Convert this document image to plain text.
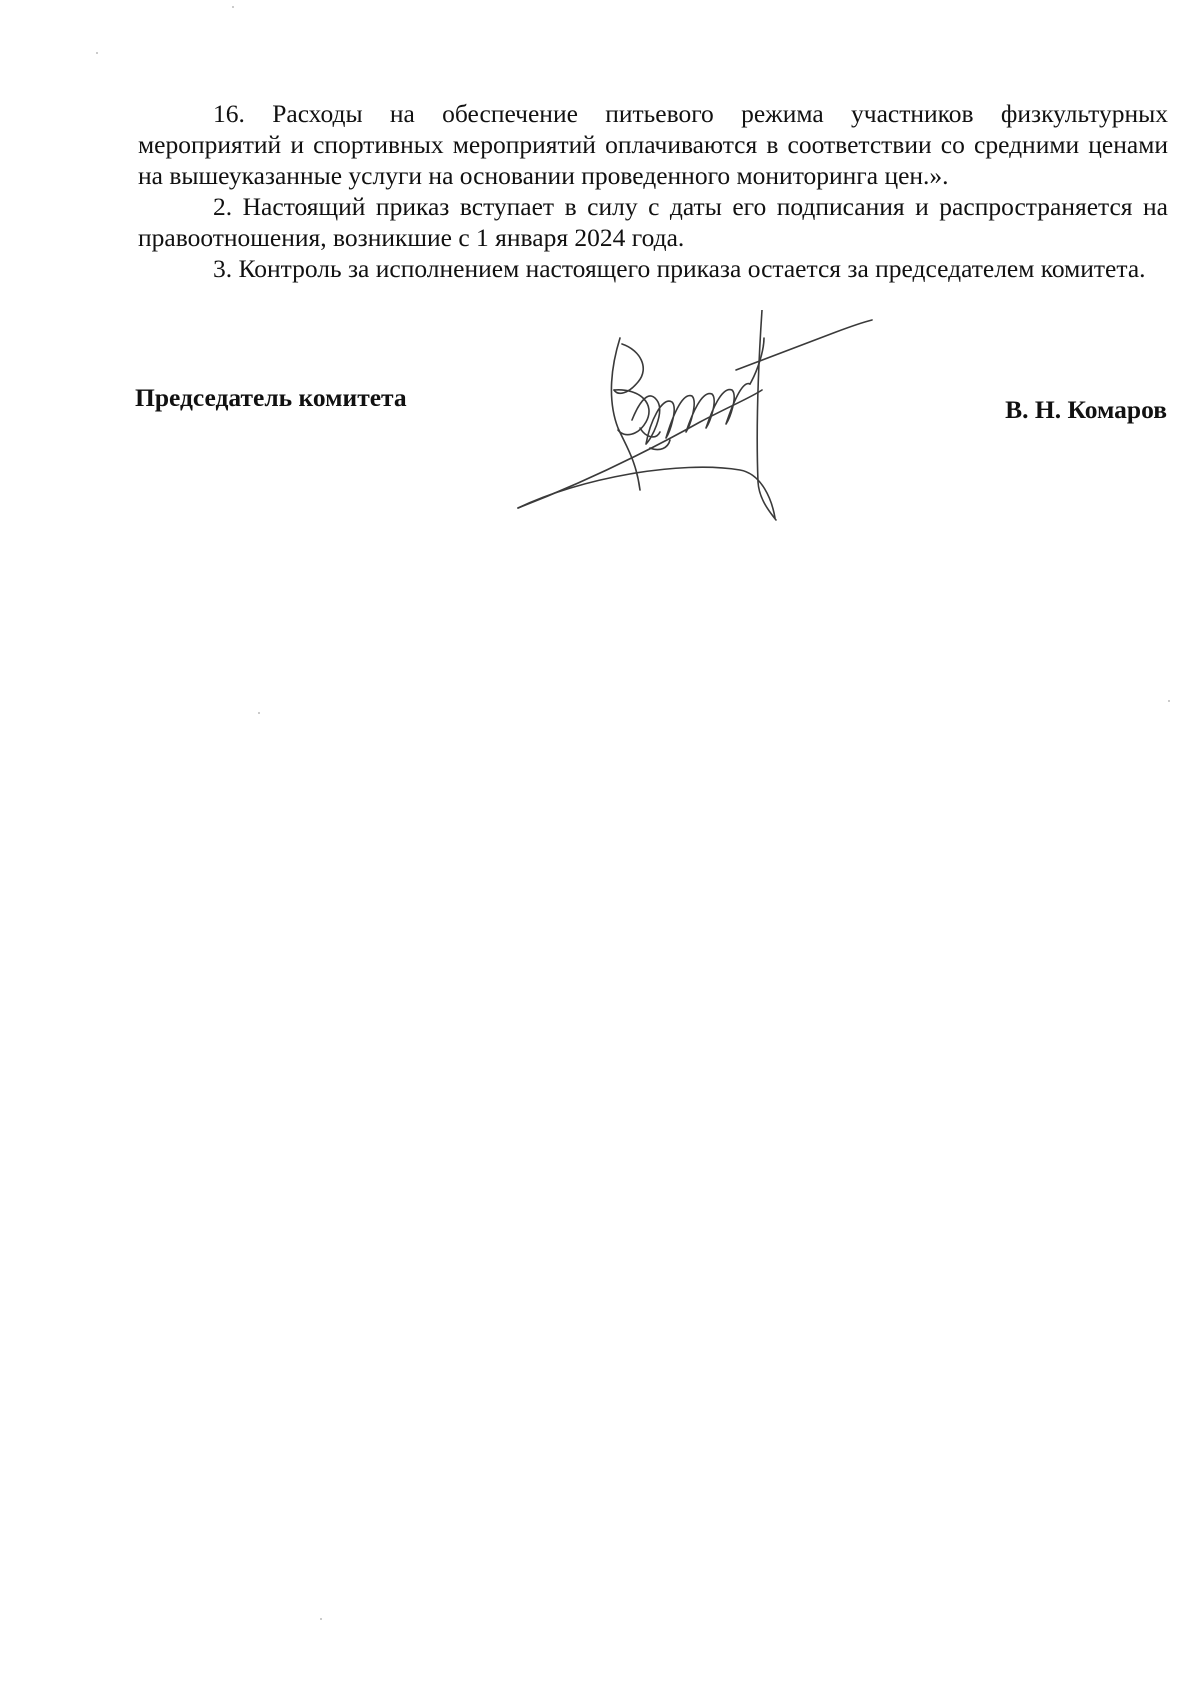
16. Расходы на обеспечение питьевого режима участников физкультурных мероприятий и спортивных мероприятий оплачиваются в соответствии со средними ценами на вышеуказанные услуги на основании проведенного мониторинга цен.».

2. Настоящий приказ вступает в силу с даты его подписания и распространяется на правоотношения, возникшие с 1 января 2024 года.

3. Контроль за исполнением настоящего приказа остается за председателем комитета.

Председатель комитета	В. Н. Комаров
